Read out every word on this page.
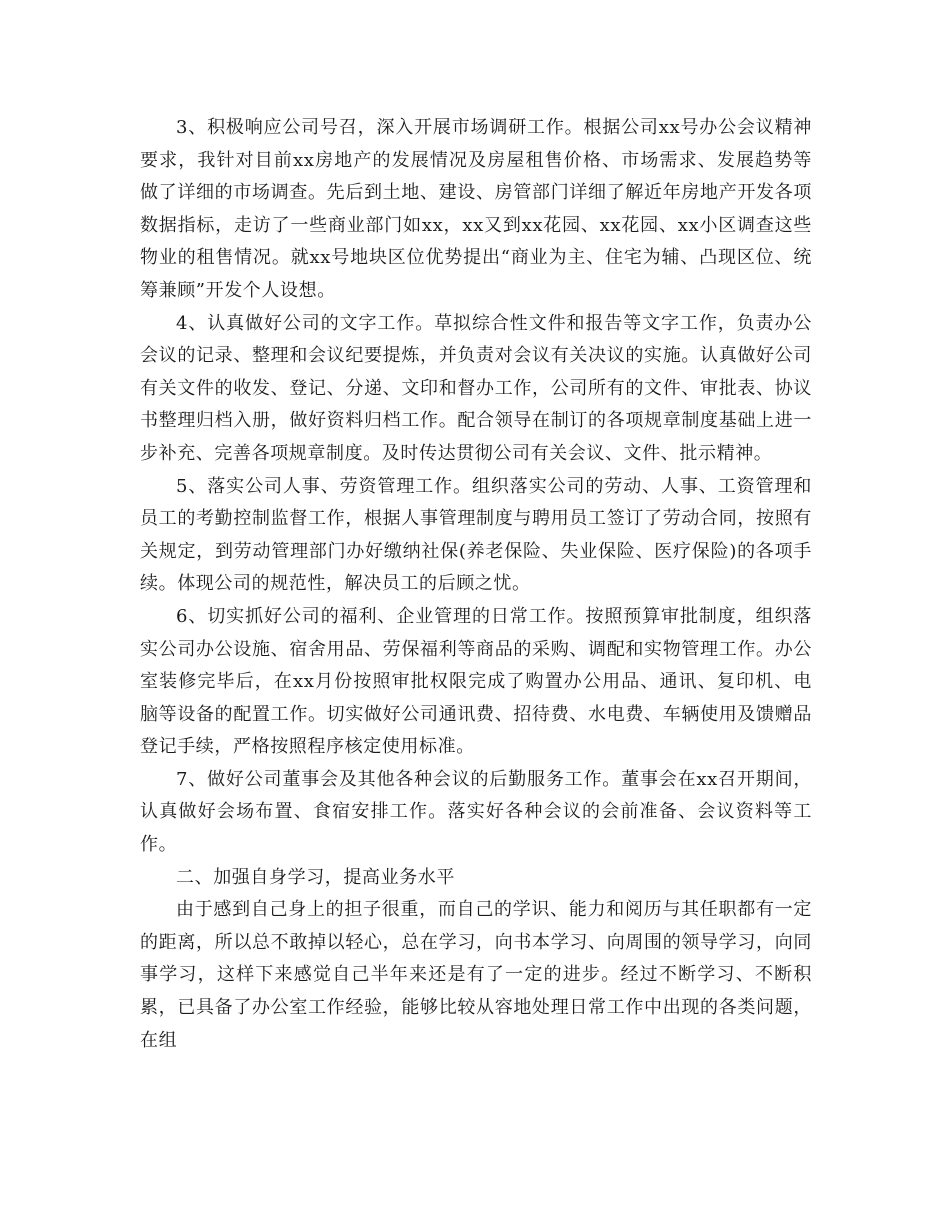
3、积极响应公司号召，深入开展市场调研工作。根据公司xx号办公会议精神要求，我针对目前xx房地产的发展情况及房屋租售价格、市场需求、发展趋势等做了详细的市场调查。先后到土地、建设、房管部门详细了解近年房地产开发各项数据指标，走访了一些商业部门如xx，xx又到xx花园、xx花园、xx小区调查这些物业的租售情况。就xx号地块区位优势提出“商业为主、住宅为辅、凸现区位、统筹兼顾”开发个人设想。

4、认真做好公司的文字工作。草拟综合性文件和报告等文字工作，负责办公会议的记录、整理和会议纪要提炼，并负责对会议有关决议的实施。认真做好公司有关文件的收发、登记、分递、文印和督办工作，公司所有的文件、审批表、协议书整理归档入册，做好资料归档工作。配合领导在制订的各项规章制度基础上进一步补充、完善各项规章制度。及时传达贯彻公司有关会议、文件、批示精神。

5、落实公司人事、劳资管理工作。组织落实公司的劳动、人事、工资管理和员工的考勤控制监督工作，根据人事管理制度与聘用员工签订了劳动合同，按照有关规定，到劳动管理部门办好缴纳社保(养老保险、失业保险、医疗保险)的各项手续。体现公司的规范性，解决员工的后顾之忧。

6、切实抓好公司的福利、企业管理的日常工作。按照预算审批制度，组织落实公司办公设施、宿舍用品、劳保福利等商品的采购、调配和实物管理工作。办公室装修完毕后，在xx月份按照审批权限完成了购置办公用品、通讯、复印机、电脑等设备的配置工作。切实做好公司通讯费、招待费、水电费、车辆使用及馈赠品登记手续，严格按照程序核定使用标准。

7、做好公司董事会及其他各种会议的后勤服务工作。董事会在xx召开期间，认真做好会场布置、食宿安排工作。落实好各种会议的会前准备、会议资料等工作。

二、加强自身学习，提高业务水平

由于感到自己身上的担子很重，而自己的学识、能力和阅历与其任职都有一定的距离，所以总不敢掉以轻心，总在学习，向书本学习、向周围的领导学习，向同事学习，这样下来感觉自己半年来还是有了一定的进步。经过不断学习、不断积累，已具备了办公室工作经验，能够比较从容地处理日常工作中出现的各类问题，在组
